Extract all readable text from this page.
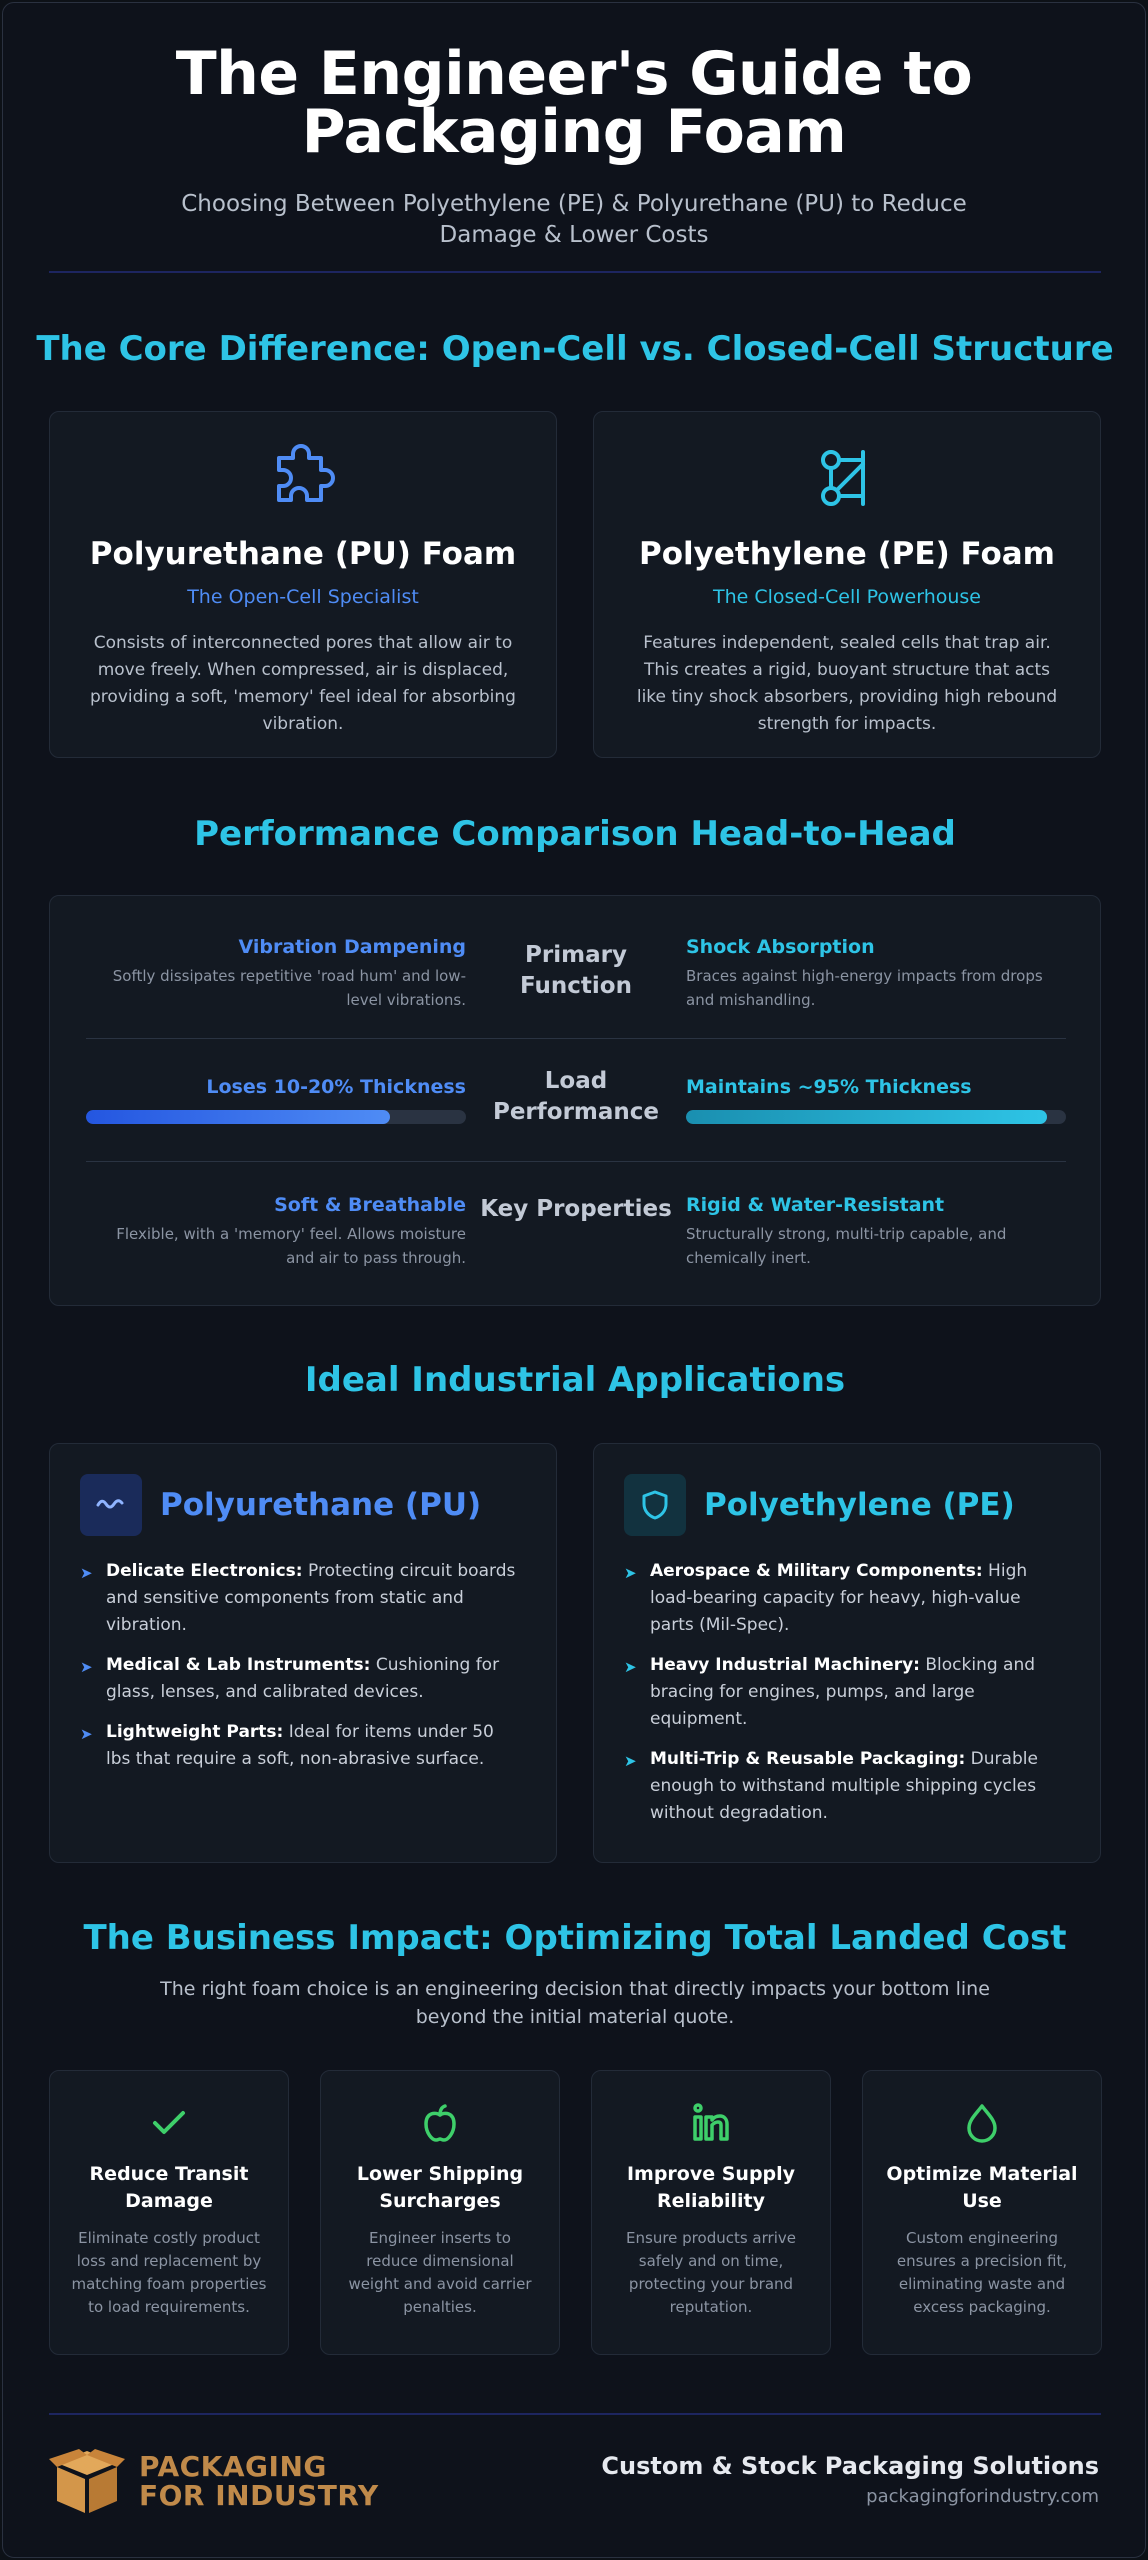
The Engineer's Guide to Packaging Foam
Choosing Between Polyethylene (PE) & Polyurethane (PU) to Reduce Damage & Lower Costs
The Core Difference: Open-Cell vs. Closed-Cell Structure
Polyurethane (PU) Foam
The Open-Cell Specialist

Consists of interconnected pores that allow air to move freely. When compressed, air is displaced, providing a soft, 'memory' feel ideal for absorbing vibration.

Polyethylene (PE) Foam
The Closed-Cell Powerhouse

Features independent, sealed cells that trap air. This creates a rigid, buoyant structure that acts like tiny shock absorbers, providing high rebound strength for impacts.

Performance Comparison Head-to-Head
Vibration Dampening
Softly dissipates repetitive 'road hum' and low-level vibrations.
Primary Function
Shock Absorption
Braces against high-energy impacts from drops and mishandling.
Loses 10-20% Thickness	Load Performance
Maintains ~95% Thickness
Soft & Breathable
Flexible, with a 'memory' feel. Allows moisture and air to pass through.
Key Properties Rigid & Water-Resistant
Structurally strong, multi-trip capable, and chemically inert.
Ideal Industrial Applications
Polyurethane (PU)
➤ Delicate Electronics: Protecting circuit boards and sensitive components from static and vibration.
➤ Medical & Lab Instruments: Cushioning for glass, lenses, and calibrated devices.
➤ Lightweight Parts: Ideal for items under 50 lbs that require a soft, non-abrasive surface.
Polyethylene (PE)
➤ Aerospace & Military Components: High load-bearing capacity for heavy, high-value parts (Mil-Spec).
➤ Heavy Industrial Machinery: Blocking and bracing for engines, pumps, and large equipment.
➤ Multi-Trip & Reusable Packaging: Durable enough to withstand multiple shipping cycles without degradation.
The Business Impact: Optimizing Total Landed Cost
The right foam choice is an engineering decision that directly impacts your bottom line beyond the initial material quote.
Reduce Transit Damage

Eliminate costly product loss and replacement by matching foam properties to load requirements.

Lower Shipping Surcharges

Engineer inserts to reduce dimensional weight and avoid carrier penalties.

Improve Supply Reliability

Ensure products arrive safely and on time, protecting your brand reputation.

Optimize Material Use

Custom engineering ensures a precision fit, eliminating waste and excess packaging.

PACKAGING
FOR INDUSTRY
Custom & Stock Packaging Solutions
packagingforindustry.com
